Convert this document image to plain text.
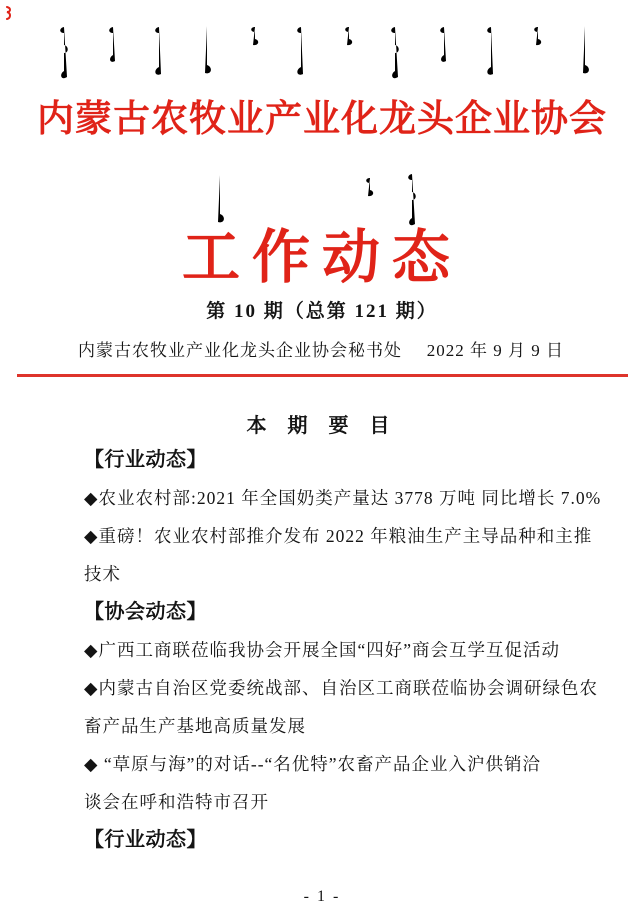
内蒙古农牧业产业化龙头企业协会
工作动态
第 10 期（总第 121 期）
内蒙古农牧业产业化龙头企业协会秘书处 2022 年 9 月 9 日
本 期 要 目
【行业动态】
◆农业农村部:2021 年全国奶类产量达 3778 万吨 同比增长 7.0%
◆重磅！农业农村部推介发布 2022 年粮油生产主导品种和主推
技术
【协会动态】
◆广西工商联莅临我协会开展全国“四好”商会互学互促活动
◆内蒙古自治区党委统战部、自治区工商联莅临协会调研绿色农
畜产品生产基地高质量发展
◆ “草原与海”的对话--“名优特”农畜产品企业入沪供销洽
谈会在呼和浩特市召开
【行业动态】
- 1 -
